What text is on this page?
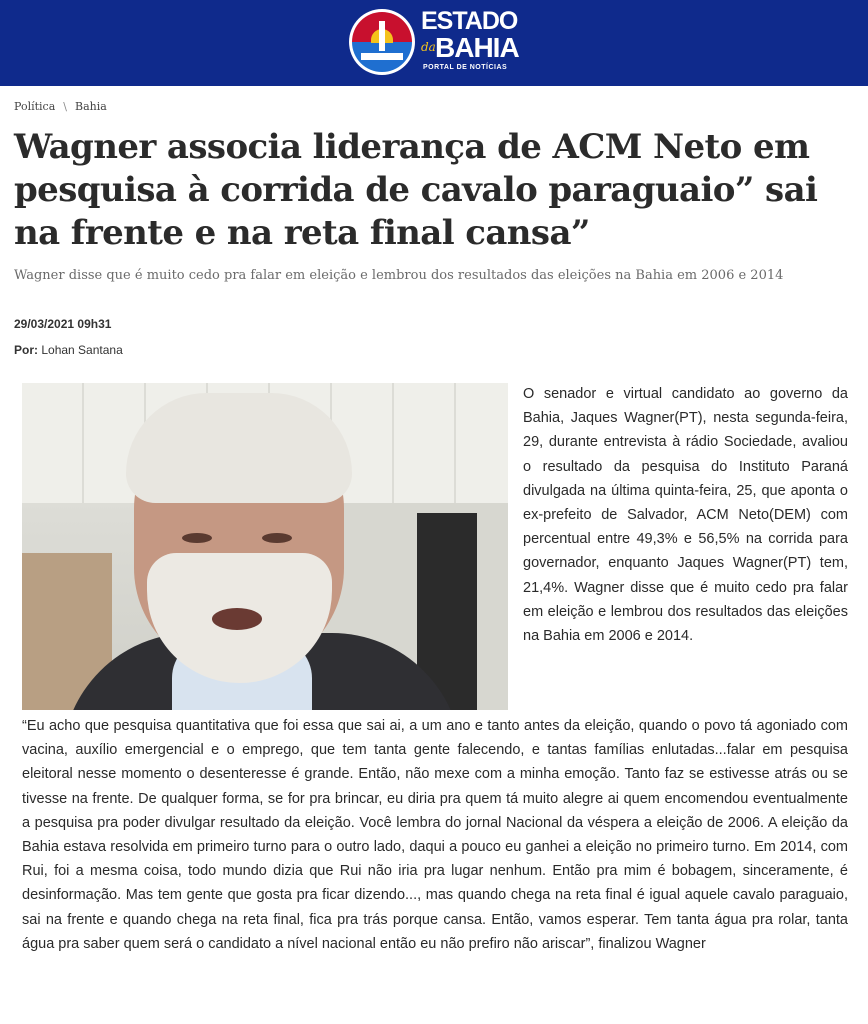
ESTADO
da BAHIA
PORTAL DE NOTÍCIAS
Política \ Bahia
Wagner associa liderança de ACM Neto em pesquisa à corrida de cavalo paraguaio” sai na frente e na reta final cansa”
Wagner disse que é muito cedo pra falar em eleição e lembrou dos resultados das eleições na Bahia em 2006 e 2014
29/03/2021 09h31
Por: Lohan Santana

O senador e virtual candidato ao governo da Bahia, Jaques Wagner(PT), nesta segunda-feira, 29, durante entrevista à rádio Sociedade, avaliou o resultado da pesquisa do Instituto Paraná divulgada na última quinta-feira, 25, que aponta o ex-prefeito de Salvador, ACM Neto(DEM) com percentual entre 49,3% e 56,5% na corrida para governador, enquanto Jaques Wagner(PT) tem, 21,4%. Wagner disse que é muito cedo pra falar em eleição e lembrou dos resultados das eleições na Bahia em 2006 e 2014.

“Eu acho que pesquisa quantitativa que foi essa que sai ai, a um ano e tanto antes da eleição, quando o povo tá agoniado com vacina, auxílio emergencial e o emprego, que tem tanta gente falecendo, e tantas famílias enlutadas...falar em pesquisa eleitoral nesse momento o desenteresse é grande. Então, não mexe com a minha emoção. Tanto faz se estivesse atrás ou se tivesse na frente. De qualquer forma, se for pra brincar, eu diria pra quem tá muito alegre ai quem encomendou eventualmente a pesquisa pra poder divulgar resultado da eleição. Você lembra do jornal Nacional da véspera a eleição de 2006. A eleição da Bahia estava resolvida em primeiro turno para o outro lado, daqui a pouco eu ganhei a eleição no primeiro turno. Em 2014, com Rui, foi a mesma coisa, todo mundo dizia que Rui não iria pra lugar nenhum. Então pra mim é bobagem, sinceramente, é desinformação. Mas tem gente que gosta pra ficar dizendo..., mas quando chega na reta final é igual aquele cavalo paraguaio, sai na frente e quando chega na reta final, fica pra trás porque cansa. Então, vamos esperar. Tem tanta água pra rolar, tanta água pra saber quem será o candidato a nível nacional então eu não prefiro não ariscar”, finalizou Wagner
